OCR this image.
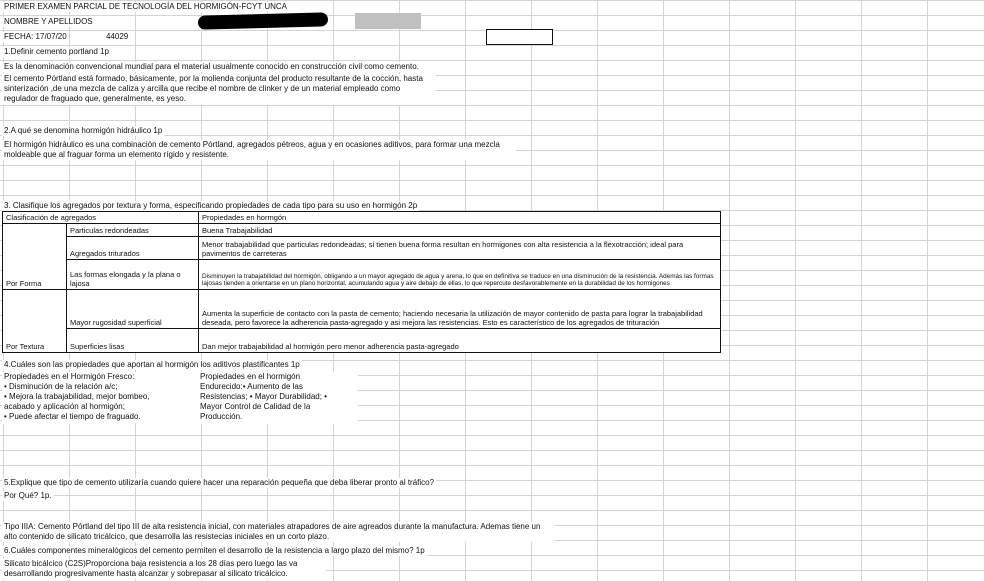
PRIMER EXAMEN PARCIAL DE TECNOLOGÍA DEL HORMIGÓN-FCYT UNCA
NOMBRE Y APELLIDOS
FECHA: 17/07/20	44029
1.Definir cemento portland 1p
Es la denominación convencional mundial para el material usualmente conocido en construcción civil como cemento.
El cemento Pórtland está formado, básicamente, por la molienda conjunta del producto resultante de la cocción, hasta sinterización ,de una mezcla de caliza y arcilla que recibe el nombre de clinker y de un material empleado como regulador de fraguado que, generalmente, es yeso.
2.A qué se denomina hormigón hidráulico 1p
El hormigón hidráulico es una combinación de cemento Pórtland, agregados pétreos, agua y en ocasiones aditivos, para formar una mezcla moldeable que al fraguar forma un elemento rígido y resistente.
3. Clasifique los agregados por textura y forma, especificando propiedades de cada tipo para su uso en hormigón 2p
Clasificación de agregados		Propiedades en hormgón
Por Forma	Particulas redondeadas	Buena Trabajabilidad
	Agregados triturados	Menor trabajabilidad que particulas redondeadas; si tienen buena forma resultan en hormigones con alta resistencia a la flexotracción; ideal para pavimentos de carreteras
	Las formas elongada y la plana o lajosa	Disminuyen la trabajabilidad del hormigón, obligando a un mayor agregado de agua y arena, lo que en definitiva se traduce en una disminución de la resistencia. Además las formas lajosas tienden a orientarse en un plano horizontal, acumulando agua y aire debajo de ellas, lo que repercute desfavorablemente en la durabilidad de los hormigones
Por Textura	Mayor rugosidad superficial	Aumenta la superficie de contacto con la pasta de cemento; haciendo necesaria la utilización de mayor contenido de pasta para lograr la trabajabilidad deseada, pero favorece la adherencia pasta-agregado y asi mejora las resistencias. Esto es característico de los agregados de trituración
	Superficies lisas	Dan mejor trabajabilidad al hormigón pero menor adherencia pasta-agregado
4.Cuáles son las propiedades que aportan al hormigón los aditivos plastificantes 1p
Propiedades en el Hormigón Fresco:
• Disminución de la relación a/c;
• Mejora la trabajabilidad, mejor bombeo,
acabado y aplicación al hormigón;
• Puede afectar el tiempo de fraguado.
Propiedades en el hormigón
Endurecido:• Aumento de las
Resistencias; • Mayor Durabilidad; •
Mayor Control de Calidad de la
Producción.
5.Explique que tipo de cemento utilizaría cuando quiere hacer una reparación pequeña que deba liberar pronto al tráfico?
Por Qué? 1p.
Tipo IIIA: Cemento Pórtland del tipo III de alta resistencia inicial, con materiales atrapadores de aire agreados durante la manufactura. Ademas tiene un alto contenido de silicato tricálcico, que desarrolla las resistecias iniciales en un corto plazo.
6.Cuáles componentes mineralógicos del cemento permiten el desarrollo de la resistencia a largo plazo del mismo? 1p
Silicato bicálcico (C2S)Proporciona baja resistencia a los 28 días pero luego las va desarrollando progresivamente hasta alcanzar y sobrepasar al silicato tricálcico.
